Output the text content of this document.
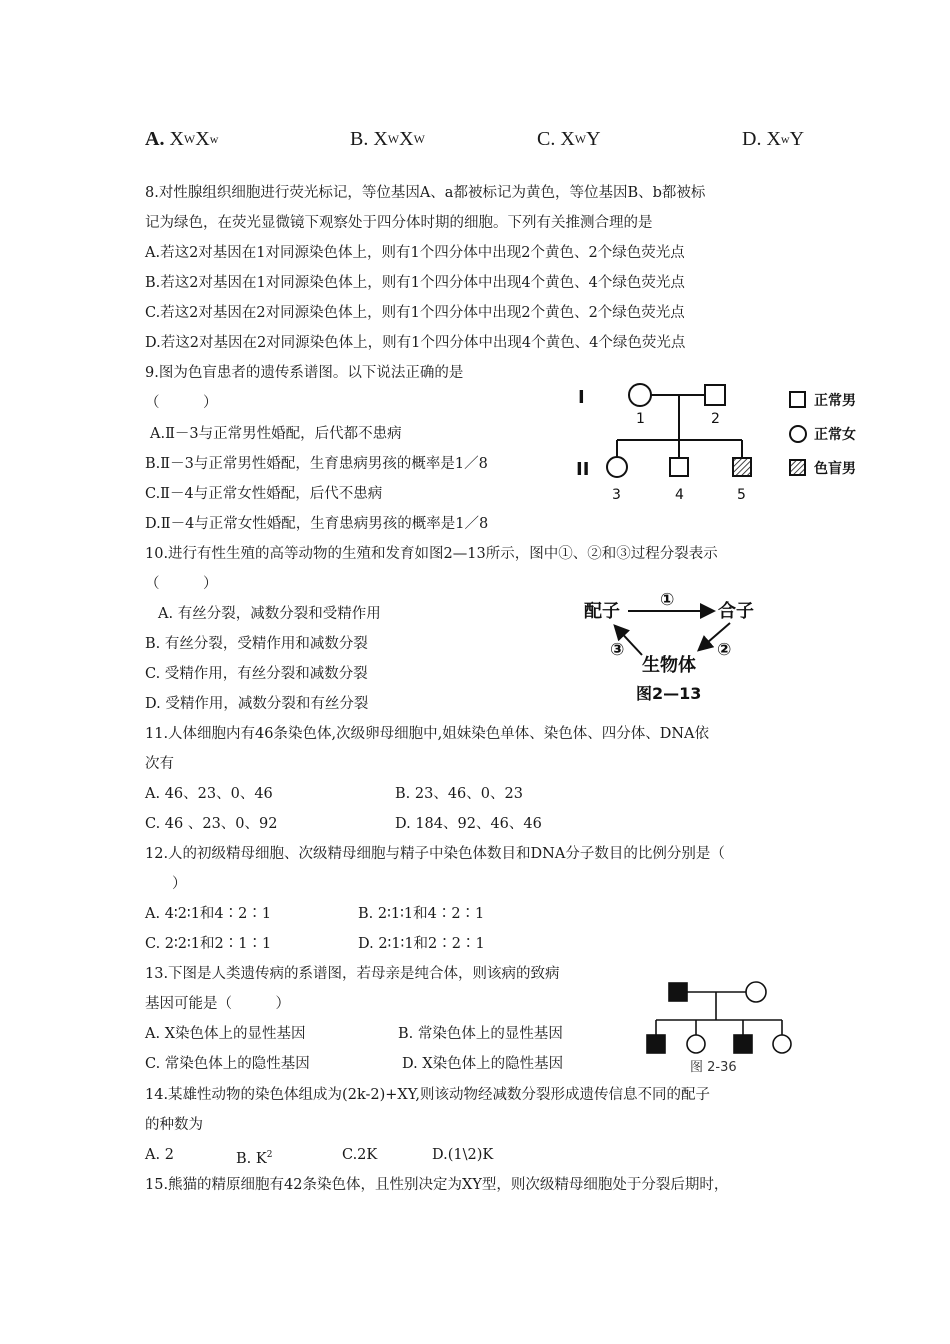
A. $X^WX^w$	B. $X^WX^W$	C. $X^WY$	D. $X^wY$
8.对性腺组织细胞进行荧光标记，等位基因A、a都被标记为黄色，等位基因B、b都被标
记为绿色，在荧光显微镜下观察处于四分体时期的细胞。下列有关推测合理的是
A.若这2对基因在1对同源染色体上，则有1个四分体中出现2个黄色、2个绿色荧光点
B.若这2对基因在1对同源染色体上，则有1个四分体中出现4个黄色、4个绿色荧光点
C.若这2对基因在2对同源染色体上，则有1个四分体中出现2个黄色、2个绿色荧光点
D.若这2对基因在2对同源染色体上，则有1个四分体中出现4个黄色、4个绿色荧光点
9.图为色盲患者的遗传系谱图。以下说法正确的是
（　　　）
A.Ⅱ－3与正常男性婚配，后代都不患病
B.Ⅱ－3与正常男性婚配，生育患病男孩的概率是1／8
C.Ⅱ－4与正常女性婚配，后代不患病
D.Ⅱ－4与正常女性婚配，生育患病男孩的概率是1／8
I
II
1	2
3	4	5
正常男
正常女
色盲男
10.进行有性生殖的高等动物的生殖和发育如图2—13所示，图中①、②和③过程分裂表示
（　　　）
A. 有丝分裂，减数分裂和受精作用
B. 有丝分裂，受精作用和减数分裂
C. 受精作用，有丝分裂和减数分裂
D. 受精作用，减数分裂和有丝分裂
配子	合子
生物体
①
②
③
图2—13
11.人体细胞内有46条染色体,次级卵母细胞中,姐妹染色单体、染色体、四分体、DNA依
次有
A. 46、23、0、46	B. 23、46、0、23
C. 46 、23、0、92	D. 184、92、46、46
12.人的初级精母细胞、次级精母细胞与精子中染色体数目和DNA分子数目的比例分别是（
）
A. 4∶2∶1和4∶2∶1	B. 2∶1∶1和4∶2∶1
C. 2∶2∶1和2∶1∶1	D. 2∶1∶1和2∶2∶1
13.下图是人类遗传病的系谱图，若母亲是纯合体，则该病的致病
基因可能是（　　　）
A. X染色体上的显性基因	B. 常染色体上的显性基因
C. 常染色体上的隐性基因	D. X染色体上的隐性基因	图 2-36
14.某雄性动物的染色体组成为(2k-2)+XY,则该动物经减数分裂形成遗传信息不同的配子
的种数为
A. 2	B. $K^2$	C.2K	D.(1\2)K
15.熊猫的精原细胞有42条染色体，且性别决定为XY型，则次级精母细胞处于分裂后期时，
